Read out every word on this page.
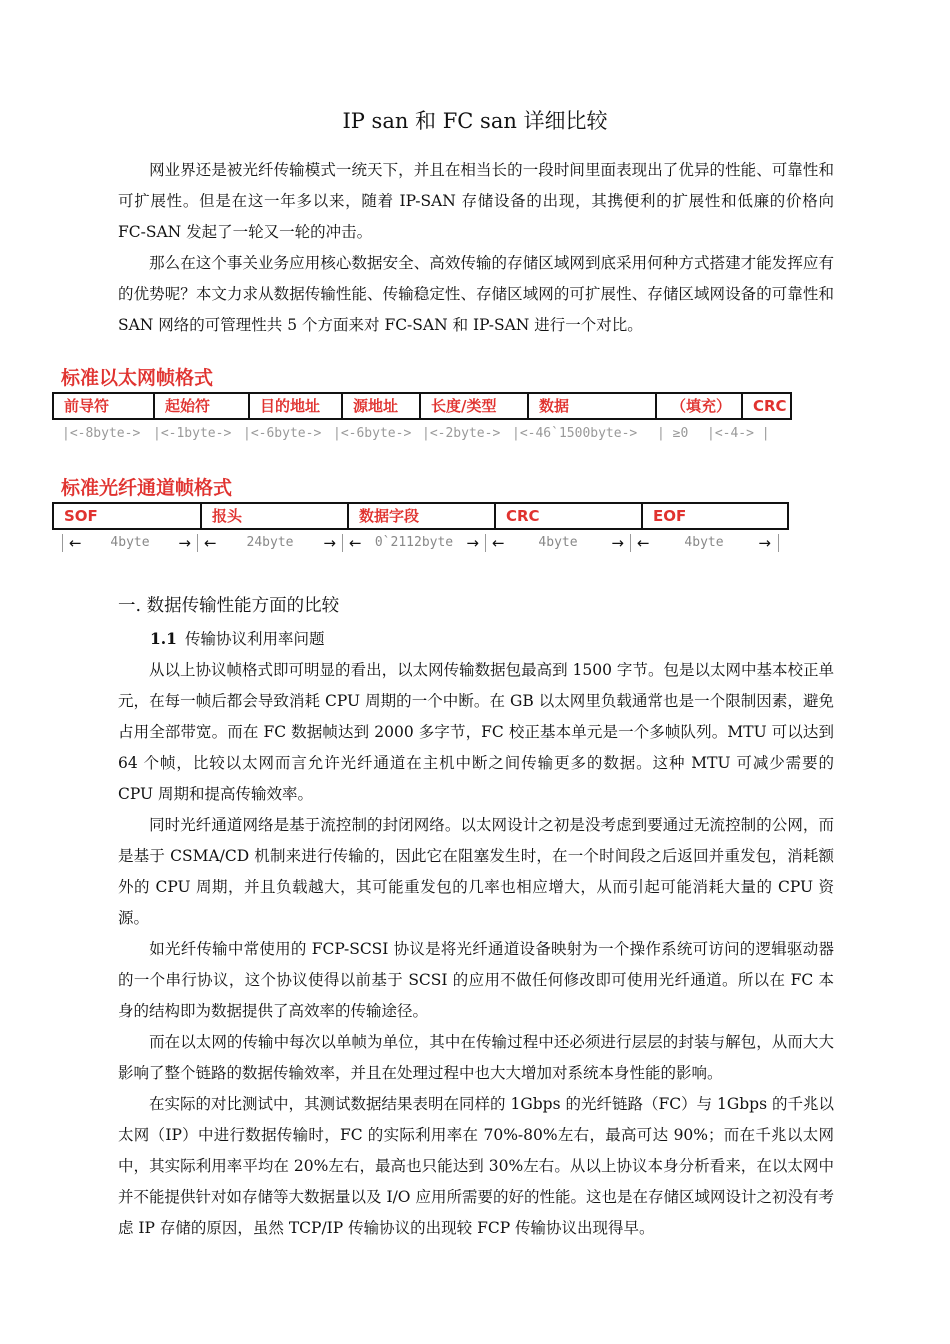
IP san 和 FC san 详细比较

网业界还是被光纤传输模式一统天下，并且在相当长的一段时间里面表现出了优异的性能、可靠性和可扩展性。但是在这一年多以来，随着 IP-SAN 存储设备的出现，其携便利的扩展性和低廉的价格向 FC-SAN 发起了一轮又一轮的冲击。

那么在这个事关业务应用核心数据安全、高效传输的存储区域网到底采用何种方式搭建才能发挥应有的优势呢？本文力求从数据传输性能、传输稳定性、存储区域网的可扩展性、存储区域网设备的可靠性和 SAN 网络的可管理性共 5 个方面来对 FC-SAN 和 IP-SAN 进行一个对比。

标准以太网帧格式
前导符	起始符	目的地址	源地址	长度/类型	数据	（填充）	CRC
|<-8byte-> |<-1byte-> |<-6byte-> |<-6byte-> |<-2byte-> |<-46`1500byte->	| ≥0	|<-4-> |
标准光纤通道帧格式
SOF	报头	数据字段	CRC	EOF
← 4byte → ← 24byte → ← 0`2112byte → ←	4byte → ←	4byte →
一. 数据传输性能方面的比较
1.1 传输协议利用率问题

从以上协议帧格式即可明显的看出，以太网传输数据包最高到 1500 字节。包是以太网中基本校正单元，在每一帧后都会导致消耗 CPU 周期的一个中断。在 GB 以太网里负载通常也是一个限制因素，避免占用全部带宽。而在 FC 数据帧达到 2000 多字节，FC 校正基本单元是一个多帧队列。MTU 可以达到 64 个帧，比较以太网而言允许光纤通道在主机中断之间传输更多的数据。这种 MTU 可减少需要的 CPU 周期和提高传输效率。

同时光纤通道网络是基于流控制的封闭网络。以太网设计之初是没考虑到要通过无流控制的公网，而是基于 CSMA/CD 机制来进行传输的，因此它在阻塞发生时，在一个时间段之后返回并重发包，消耗额外的 CPU 周期，并且负载越大，其可能重发包的几率也相应增大，从而引起可能消耗大量的 CPU 资源。

如光纤传输中常使用的 FCP-SCSI 协议是将光纤通道设备映射为一个操作系统可访问的逻辑驱动器的一个串行协议，这个协议使得以前基于 SCSI 的应用不做任何修改即可使用光纤通道。所以在 FC 本身的结构即为数据提供了高效率的传输途径。

而在以太网的传输中每次以单帧为单位，其中在传输过程中还必须进行层层的封装与解包，从而大大影响了整个链路的数据传输效率，并且在处理过程中也大大增加对系统本身性能的影响。

在实际的对比测试中，其测试数据结果表明在同样的 1Gbps 的光纤链路（FC）与 1Gbps 的千兆以太网（IP）中进行数据传输时，FC 的实际利用率在 70%-80%左右，最高可达 90%；而在千兆以太网中，其实际利用率平均在 20%左右，最高也只能达到 30%左右。从以上协议本身分析看来，在以太网中并不能提供针对如存储等大数据量以及 I/O 应用所需要的好的性能。这也是在存储区域网设计之初没有考虑 IP 存储的原因，虽然 TCP/IP 传输协议的出现较 FCP 传输协议出现得早。
